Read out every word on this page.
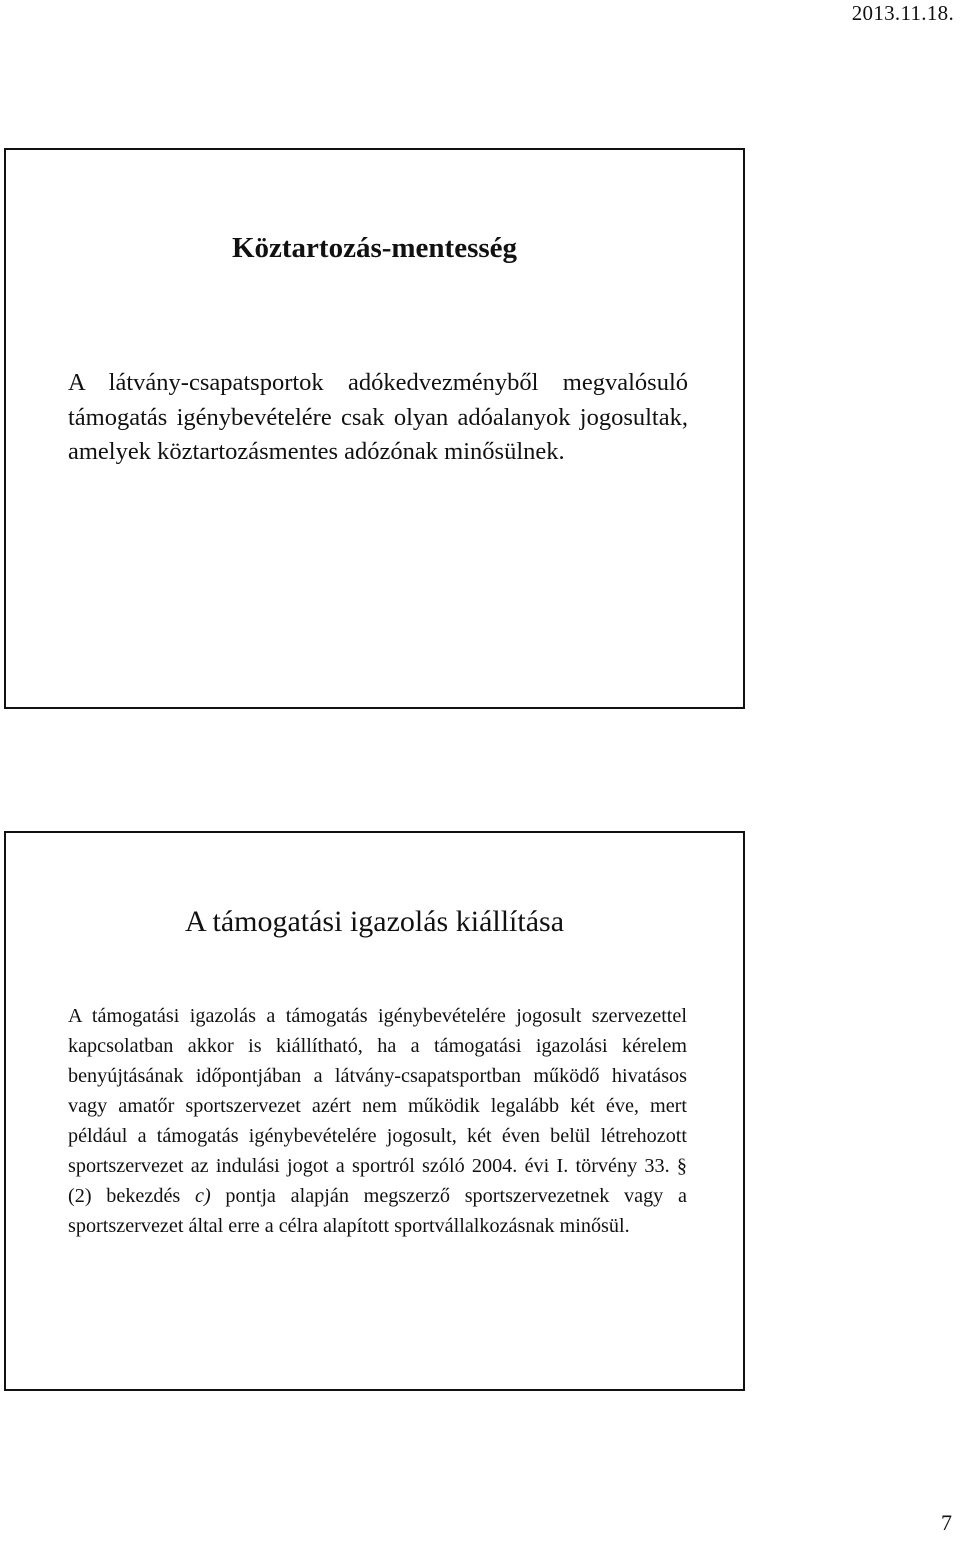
2013.11.18.
Köztartozás-mentesség

A látvány-csapatsportok adókedvezményből megvalósuló támogatás igénybevételére csak olyan adóalanyok jogosultak, amelyek köztartozásmentes adózónak minősülnek.

A támogatási igazolás kiállítása

A támogatási igazolás a támogatás igénybevételére jogosult szervezettel kapcsolatban akkor is kiállítható, ha a támogatási igazolási kérelem benyújtásának időpontjában a látvány-csapatsportban működő hivatásos vagy amatőr sportszervezet azért nem működik legalább két éve, mert például a támogatás igénybevételére jogosult, két éven belül létrehozott sportszervezet az indulási jogot a sportról szóló 2004. évi I. törvény 33. § (2) bekezdés c) pontja alapján megszerző sportszervezetnek vagy a sportszervezet által erre a célra alapított sportvállalkozásnak minősül.

7
